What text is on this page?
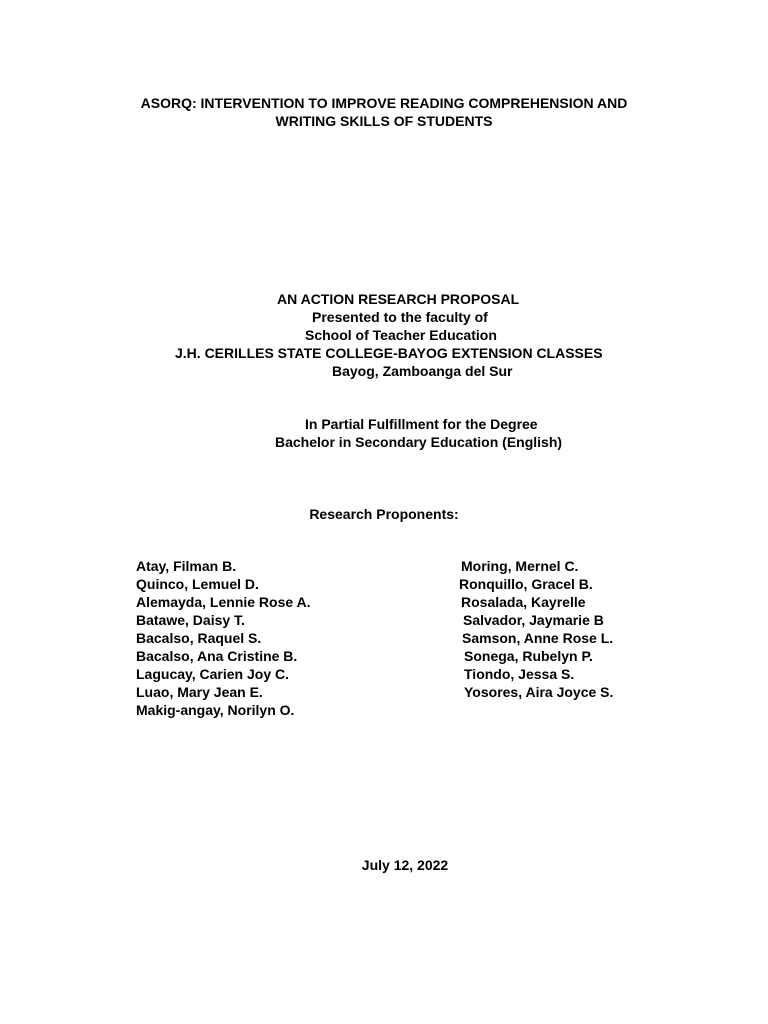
ASORQ: INTERVENTION TO IMPROVE READING COMPREHENSION AND
WRITING SKILLS OF STUDENTS
AN ACTION RESEARCH PROPOSAL
Presented to the faculty of
School of Teacher Education
J.H. CERILLES STATE COLLEGE-BAYOG EXTENSION CLASSES
Bayog, Zamboanga del Sur
In Partial Fulfillment for the Degree
Bachelor in Secondary Education (English)
Research Proponents:
Atay, Filman B.
Quinco, Lemuel D.
Alemayda, Lennie Rose A.
Batawe, Daisy T.
Bacalso, Raquel S.
Bacalso, Ana Cristine B.
Lagucay, Carien Joy C.
Luao, Mary Jean E.
Makig-angay, Norilyn O.
Moring, Mernel C.
Ronquillo, Gracel B.
Rosalada, Kayrelle
Salvador, Jaymarie B
Samson, Anne Rose L.
Sonega, Rubelyn P.
Tiondo, Jessa S.
Yosores, Aira Joyce S.
July 12, 2022
